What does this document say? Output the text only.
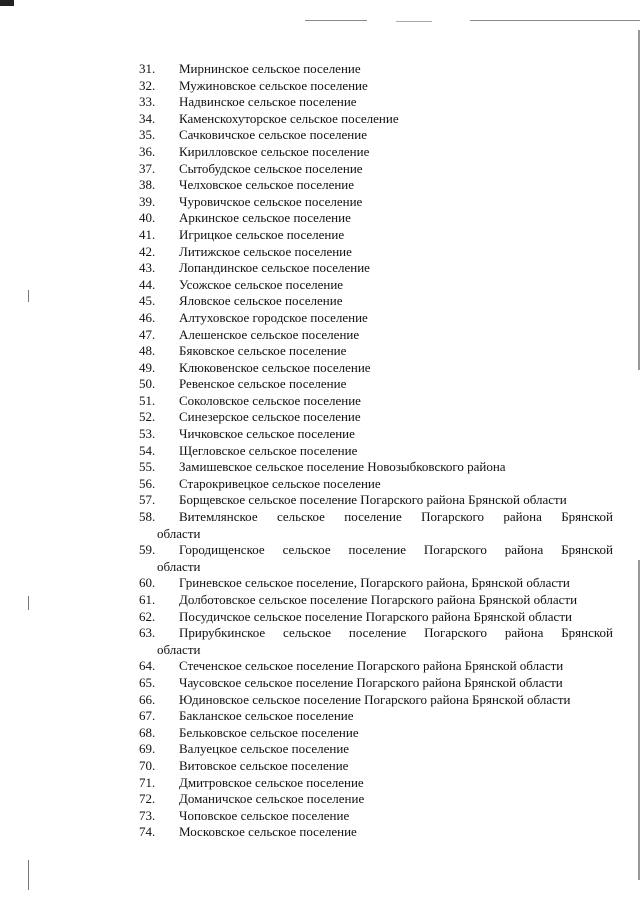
31. Мирнинское сельское поселение
32. Мужиновское сельское поселение
33. Надвинское сельское поселение
34. Каменскохуторское сельское поселение
35. Сачковичское сельское поселение
36. Кирилловское сельское поселение
37. Сытобудское сельское поселение
38. Челховское сельское поселение
39. Чуровичское сельское поселение
40. Аркинское сельское поселение
41. Игрицкое сельское поселение
42. Литижское сельское поселение
43. Лопандинское сельское поселение
44. Усожское сельское поселение
45. Яловское сельское поселение
46. Алтуховское городское поселение
47. Алешенское сельское поселение
48. Бяковское сельское поселение
49. Клюковенское сельское поселение
50. Ревенское сельское поселение
51. Соколовское сельское поселение
52. Синезерское сельское поселение
53. Чичковское сельское поселение
54. Щегловское сельское поселение
55. Замишевское сельское поселение Новозыбковского района
56. Старокривецкое сельское поселение
57. Борщевское сельское поселение Погарского района Брянской области
58. Витемлянское сельское поселение Погарского района Брянской
области
59. Городищенское сельское поселение Погарского района Брянской
области
60. Гриневское сельское поселение, Погарского района, Брянской области
61. Долботовское сельское поселение Погарского района Брянской области
62. Посудичское сельское поселение Погарского района Брянской области
63. Прирубкинское сельское поселение Погарского района Брянской
области
64. Стеченское сельское поселение Погарского района Брянской области
65. Чаусовское сельское поселение Погарского района Брянской области
66. Юдиновское сельское поселение Погарского района Брянской области
67. Бакланское сельское поселение
68. Бельковское сельское поселение
69. Валуецкое сельское поселение
70. Витовское сельское поселение
71. Дмитровское сельское поселение
72. Доманичское сельское поселение
73. Чоповское сельское поселение
74. Московское сельское поселение
